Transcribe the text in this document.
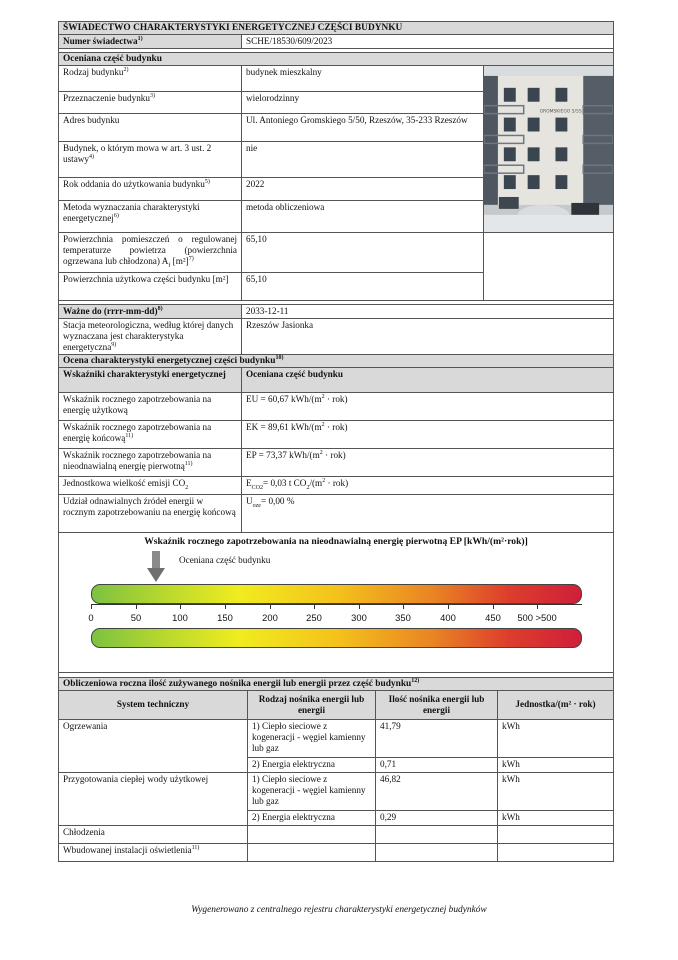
ŚWIADECTWO CHARAKTERYSTYKI ENERGETYCZNEJ CZĘŚCI BUDYNKU
Numer świadectwa$^{1)}$	SCHE/18530/609/2023
Oceniana część budynku
Rodzaj budynku$^{2)}$	budynek mieszkalny	GROMSKIEGO 5/55

Przeznaczenie budynku$^{3)}$	wielorodzinny	
Adres budynku	Ul. Antoniego Gromskiego 5/50, Rzeszów, 35-233 Rzeszów	
Budynek, o którym mowa w art. 3 ust. 2 ustawy$^{4)}$	nie	
Rok oddania do użytkowania budynku$^{5)}$	2022	
Metoda wyznaczania charakterystyki energetycznej$^{6)}$	metoda obliczeniowa	
Powierzchnia pomieszczeń o regulowanej temperaturze powietrza (powierzchnia ogrzewana lub chłodzona) $A_f$ $[m^2]^{7)}$	65,10	
Powierzchnia użytkowa części budynku [m²]	65,10	
Ważne do (rrrr-mm-dd)$^{8)}$	2033-12-11
Stacja meteorologiczna, według której danych wyznaczana jest charakterystyka energetyczna$^{9)}$	Rzeszów Jasionka
Ocena charakterystyki energetycznej części budynku$^{10)}$
Wskaźniki charakterystyki energetycznej	Oceniana część budynku
Wskaźnik rocznego zapotrzebowania na energię użytkową	EU = 60,67 kWh/$(m^2 \cdot rok)$
Wskaźnik rocznego zapotrzebowania na energię końcową$^{11)}$	EK = 89,61 kWh/$(m^2 \cdot rok)$
Wskaźnik rocznego zapotrzebowania na nieodnawialną energię pierwotną$^{11)}$	EP = 73,37 kWh/$(m^2 \cdot rok)$
Jednostkowa wielkość emisji $CO_2$	$E_{CO2}= 0,03$ t $CO_2/(m^2 \cdot rok)$
Udział odnawialnych źródeł energii w rocznym zapotrzebowaniu na energię końcową	$U_{oze}= 0,00$ %
Wskaźnik rocznego zapotrzebowania na nieodnawialną energię pierwotną EP [kWh/(m²·rok)]
Oceniana część budynku
0	50	100	150	200	250	300	350	400	450 500 >500
Obliczeniowa roczna ilość zużywanego nośnika energii lub energii przez część budynku$^{12)}$
System techniczny	Rodzaj nośnika energii lub energii	Ilość nośnika energii lub energii	Jednostka/(m² · rok)
Ogrzewania	1) Ciepło sieciowe z kogeneracji - węgiel kamienny lub gaz	41,79	kWh
	2) Energia elektryczna	0,71	kWh
Przygotowania ciepłej wody użytkowej	1) Ciepło sieciowe z kogeneracji - węgiel kamienny lub gaz	46,82	kWh
	2) Energia elektryczna	0,29	kWh
Chłodzenia			
Wbudowanej instalacji oświetlenia$^{11)}$			
Wygenerowano z centralnego rejestru charakterystyki energetycznej budynków
